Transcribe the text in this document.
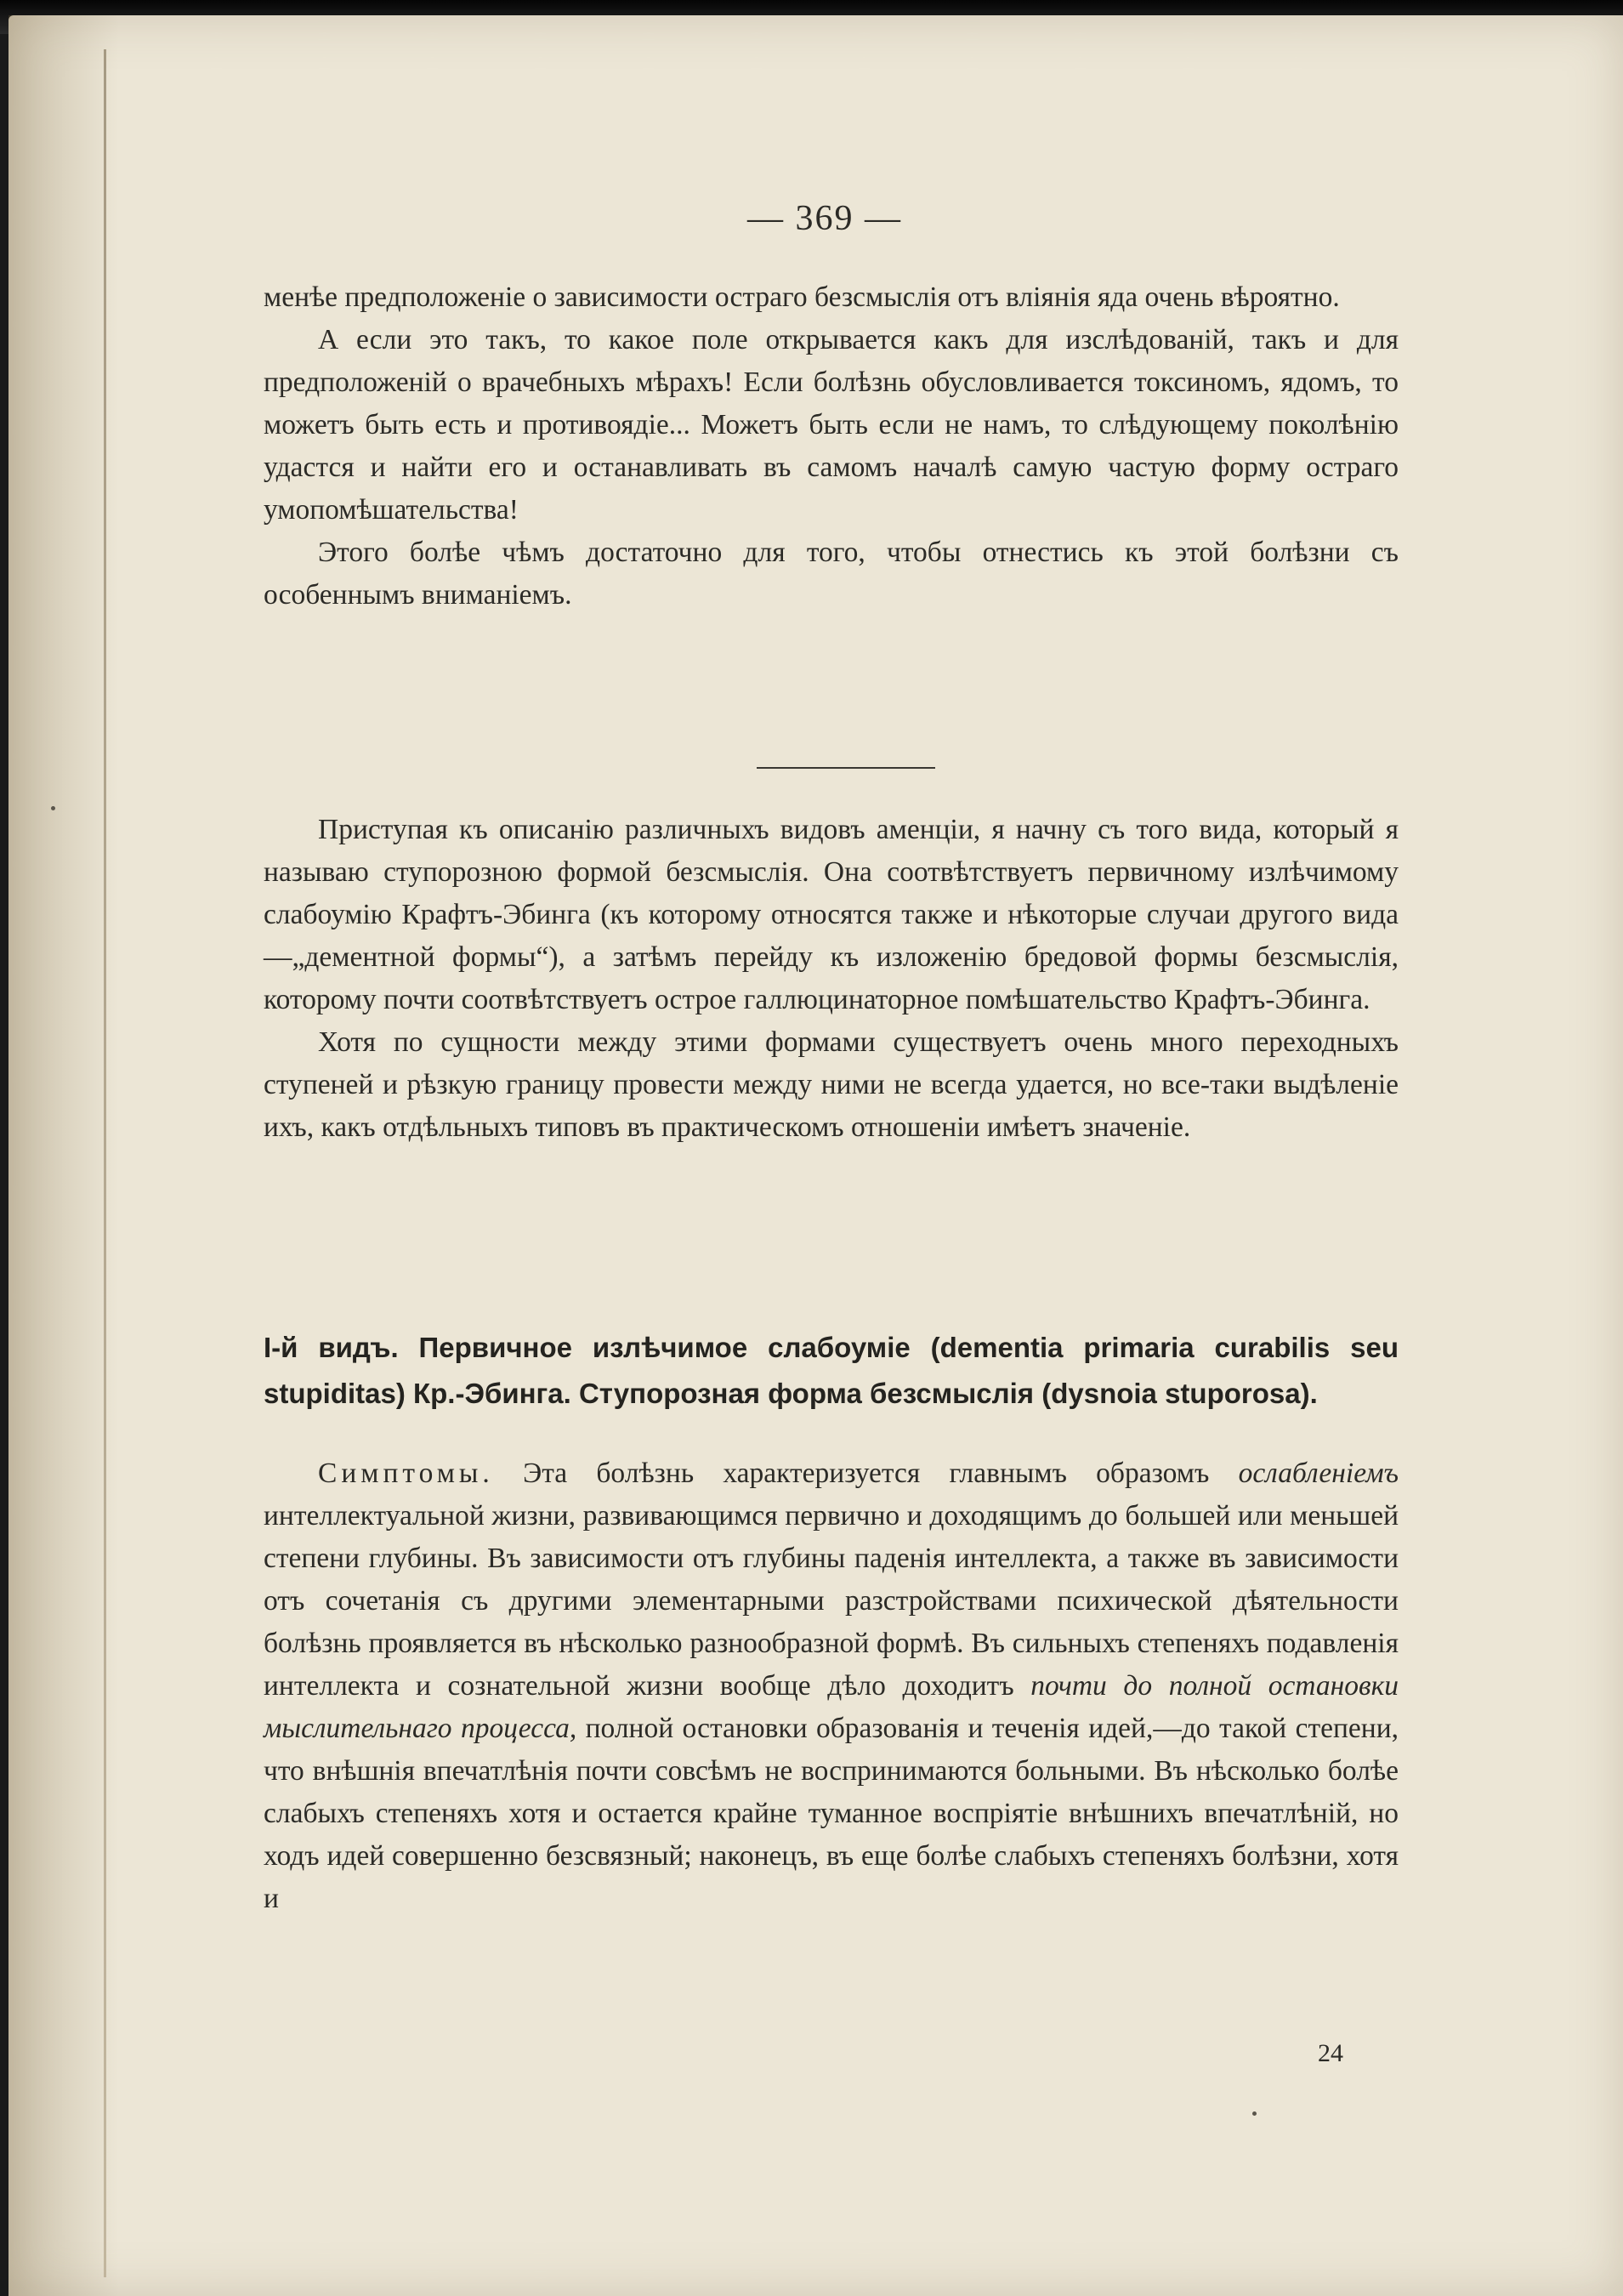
— 369 —

менѣе предположеніе о зависимости остраго безсмыслія отъ вліянія яда очень вѣроятно.

А если это такъ, то какое поле открывается какъ для изслѣдованій, такъ и для предположеній о врачебныхъ мѣрахъ! Если болѣзнь обусловливается токсиномъ, ядомъ, то можетъ быть есть и противоядіе... Можетъ быть если не намъ, то слѣдующему поколѣнію удастся и найти его и останавливать въ самомъ началѣ самую частую форму остраго умопомѣшательства!

Этого болѣе чѣмъ достаточно для того, чтобы отнестись къ этой болѣзни съ особеннымъ вниманіемъ.

Приступая къ описанію различныхъ видовъ аменціи, я начну съ того вида, который я называю ступорозною формой безсмыслія. Она соотвѣтствуетъ первичному излѣчимому слабоумію Крафтъ-Эбинга (къ которому относятся также и нѣкоторые случаи другого вида—„дементной формы“), а затѣмъ перейду къ изложенію бредовой формы безсмыслія, которому почти соотвѣтствуетъ острое галлюцинаторное помѣшательство Крафтъ-Эбинга.

Хотя по сущности между этими формами существуетъ очень много переходныхъ ступеней и рѣзкую границу провести между ними не всегда удается, но все-таки выдѣленіе ихъ, какъ отдѣльныхъ типовъ въ практическомъ отношеніи имѣетъ значеніе.

I-й видъ. Первичное излѣчимое слабоуміе (dementia primaria curabilis seu stupiditas) Кр.-Эбинга. Ступорозная форма безсмыслія (dysnoia stuporosa).

Симптомы. Эта болѣзнь характеризуется главнымъ образомъ ослабленіемъ интеллектуальной жизни, развивающимся первично и доходящимъ до большей или меньшей степени глубины. Въ зависимости отъ глубины паденія интеллекта, а также въ зависимости отъ сочетанія съ другими элементарными разстройствами психической дѣятельности болѣзнь проявляется въ нѣсколько разнообразной формѣ. Въ сильныхъ степеняхъ подавленія интеллекта и сознательной жизни вообще дѣло доходитъ почти до полной остановки мыслительнаго процесса, полной остановки образованія и теченія идей,—до такой степени, что внѣшнія впечатлѣнія почти совсѣмъ не воспринимаются больными. Въ нѣсколько болѣе слабыхъ степеняхъ хотя и остается крайне туманное воспріятіе внѣшнихъ впечатлѣній, но ходъ идей совершенно безсвязный; наконецъ, въ еще болѣе слабыхъ степеняхъ болѣзни, хотя и

24
